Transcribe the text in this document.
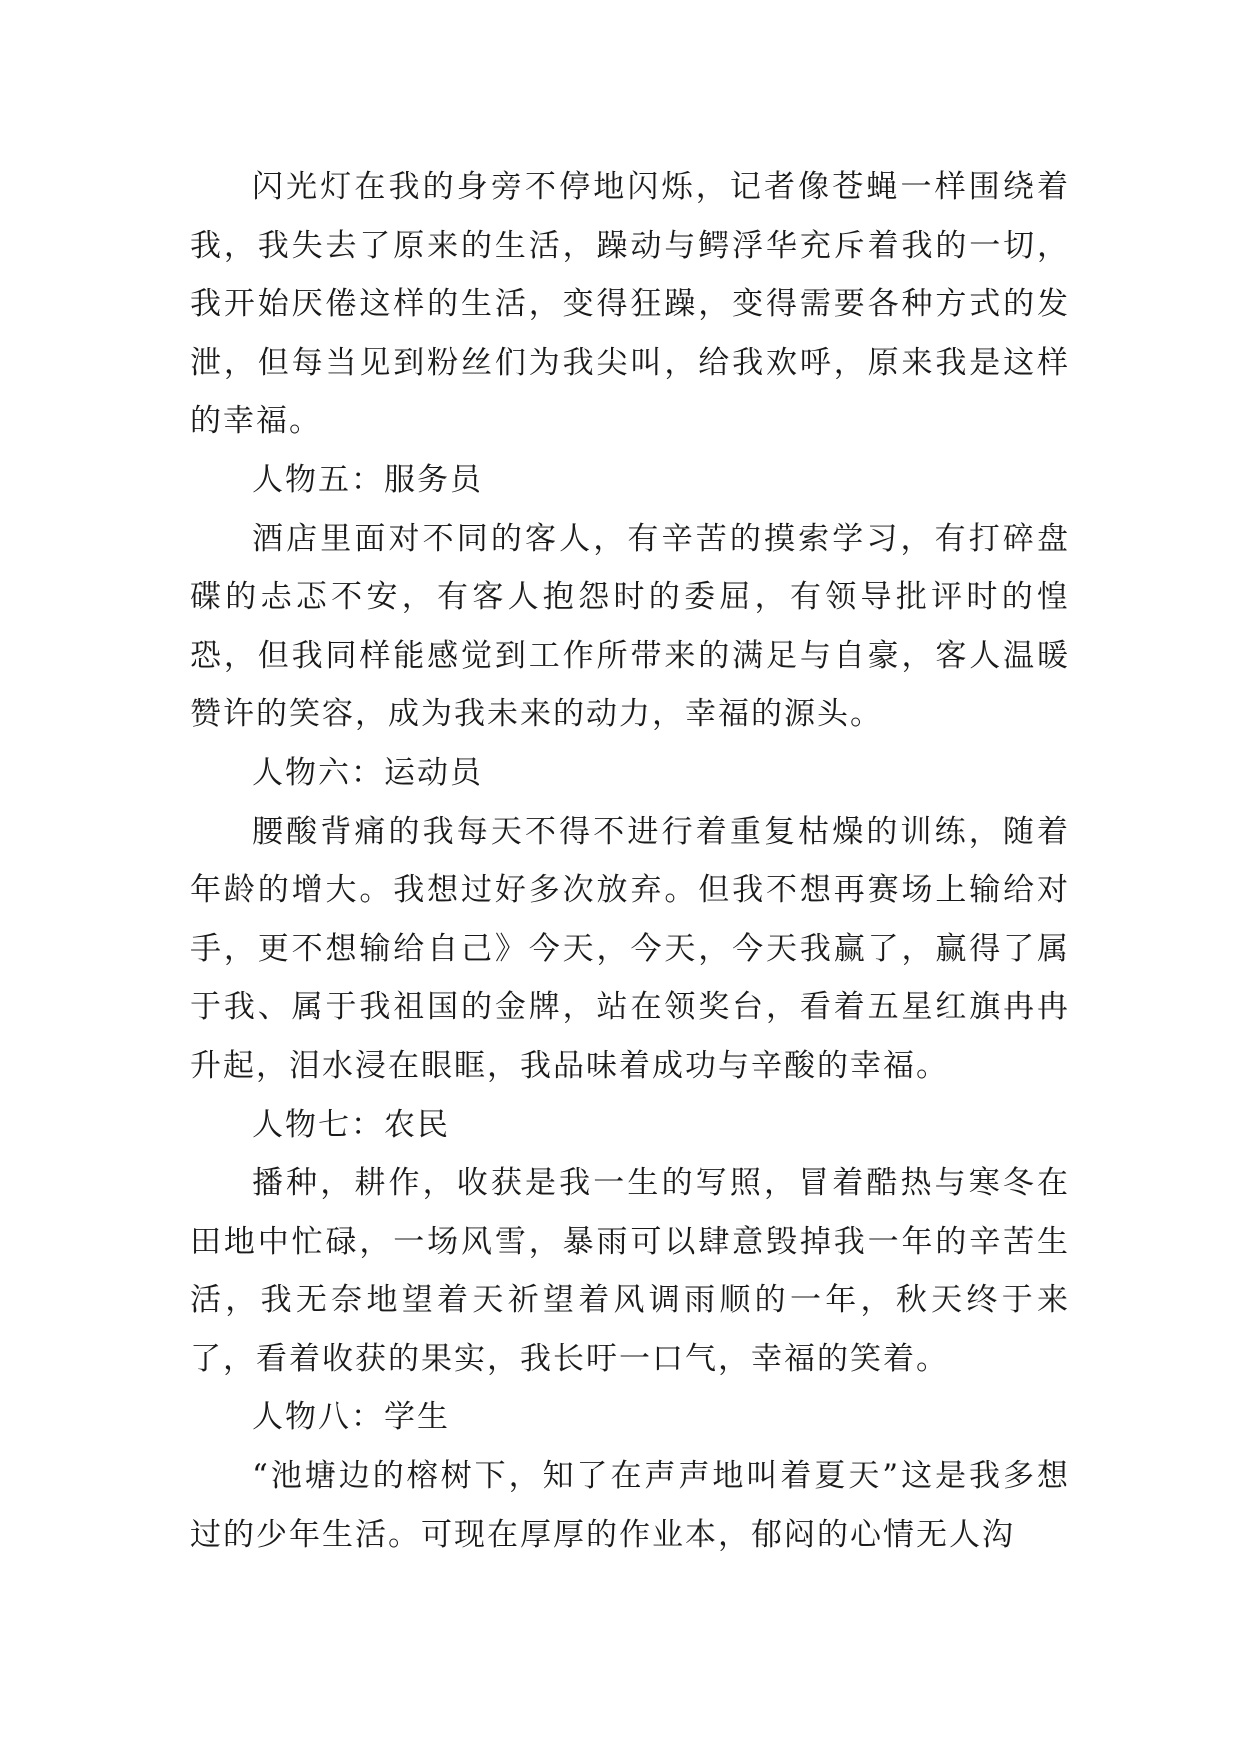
闪光灯在我的身旁不停地闪烁，记者像苍蝇一样围绕着我，我失去了原来的生活，躁动与鳄浮华充斥着我的一切，我开始厌倦这样的生活，变得狂躁，变得需要各种方式的发泄，但每当见到粉丝们为我尖叫，给我欢呼，原来我是这样的幸福。

人物五：服务员

酒店里面对不同的客人，有辛苦的摸索学习，有打碎盘碟的忐忑不安，有客人抱怨时的委屈，有领导批评时的惶恐，但我同样能感觉到工作所带来的满足与自豪，客人温暖赞许的笑容，成为我未来的动力，幸福的源头。

人物六：运动员

腰酸背痛的我每天不得不进行着重复枯燥的训练，随着年龄的增大。我想过好多次放弃。但我不想再赛场上输给对手，更不想输给自己》今天，今天，今天我赢了，赢得了属于我、属于我祖国的金牌，站在领奖台，看着五星红旗冉冉升起，泪水浸在眼眶，我品味着成功与辛酸的幸福。

人物七：农民

播种，耕作，收获是我一生的写照，冒着酷热与寒冬在田地中忙碌，一场风雪，暴雨可以肆意毁掉我一年的辛苦生活，我无奈地望着天祈望着风调雨顺的一年，秋天终于来了，看着收获的果实，我长吁一口气，幸福的笑着。

人物八：学生

“池塘边的榕树下，知了在声声地叫着夏天”这是我多想过的少年生活。可现在厚厚的作业本，郁闷的心情无人沟
